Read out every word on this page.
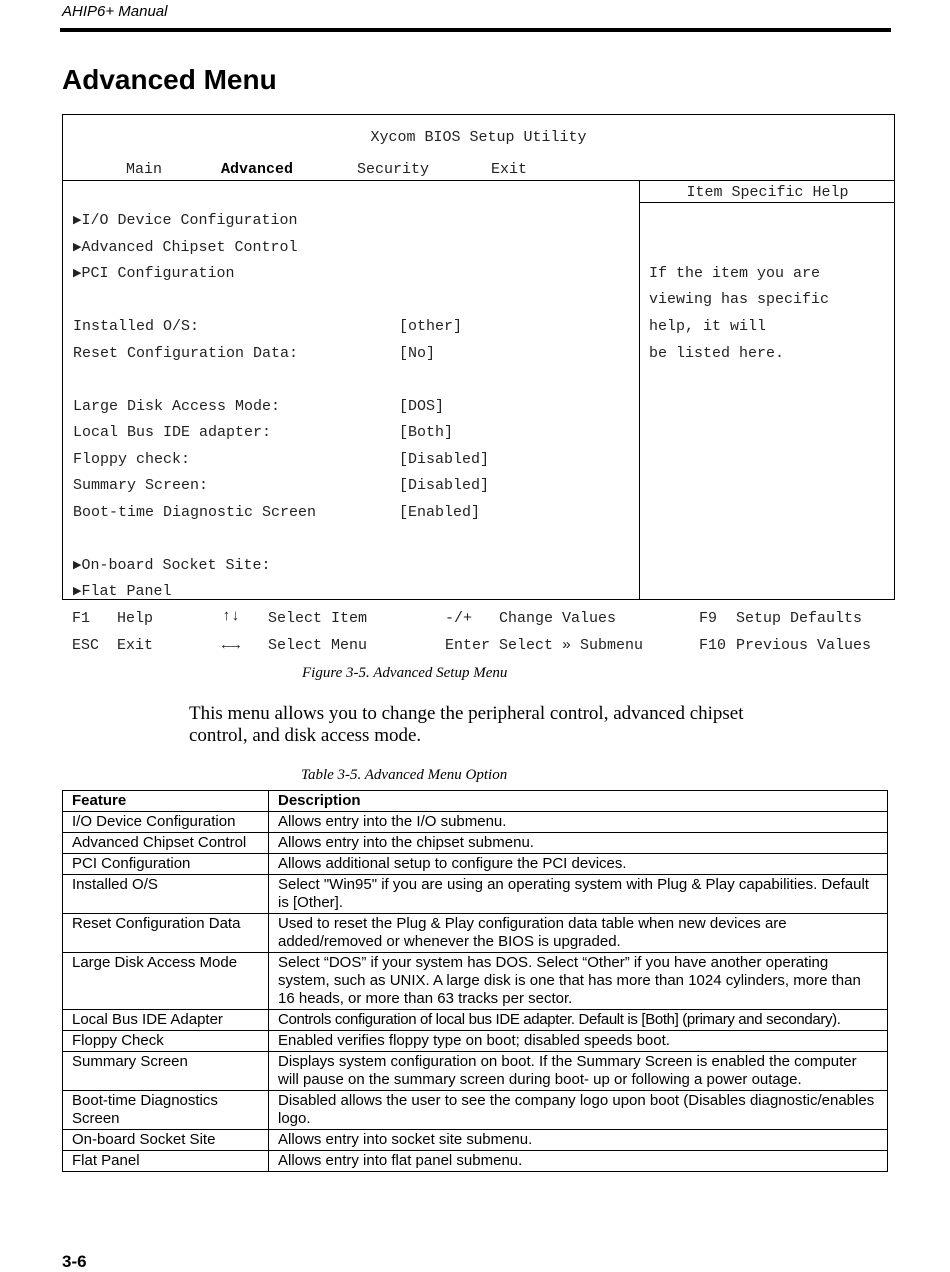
AHIP6+ Manual
Advanced Menu
Xycom BIOS Setup Utility
Main	Advanced	Security	Exit
Item Specific Help
If the item you are
viewing has specific
help, it will
be listed here.
▶I/O Device Configuration
▶Advanced Chipset Control
▶PCI Configuration
Installed O/S:	[other]
Reset Configuration Data:	[No]
Large Disk Access Mode:	[DOS]
Local Bus IDE adapter:	[Both]
Floppy check:	[Disabled]
Summary Screen:	[Disabled]
Boot-time Diagnostic Screen	[Enabled]
▶On-board Socket Site:
▶Flat Panel
F1 Help	↑↓ Select Item	-/+ Change Values	F9 Setup Defaults
ESC Exit	←→ Select Menu	Enter Select » Submenu	F10 Previous Values
Figure 3-5. Advanced Setup Menu

This menu allows you to change the peripheral control, advanced chipset control, and disk access mode.

Table 3-5. Advanced Menu Option
Feature	Description
I/O Device Configuration	Allows entry into the I/O submenu.
Advanced Chipset Control	Allows entry into the chipset submenu.
PCI Configuration	Allows additional setup to configure the PCI devices.
Installed O/S	Select "Win95" if you are using an operating system with Plug & Play capabilities. Default is [Other].
Reset Configuration Data	Used to reset the Plug & Play configuration data table when new devices are added/removed or whenever the BIOS is upgraded.
Large Disk Access Mode	Select “DOS” if your system has DOS. Select “Other” if you have another operating system, such as UNIX. A large disk is one that has more than 1024 cylinders, more than 16 heads, or more than 63 tracks per sector.
Local Bus IDE Adapter	Controls configuration of local bus IDE adapter. Default is [Both] (primary and secondary).
Floppy Check	Enabled verifies floppy type on boot; disabled speeds boot.
Summary Screen	Displays system configuration on boot. If the Summary Screen is enabled the computer will pause on the summary screen during boot- up or following a power outage.
Boot-time Diagnostics Screen	Disabled allows the user to see the company logo upon boot (Disables diagnostic/enables logo.
On-board Socket Site	Allows entry into socket site submenu.
Flat Panel	Allows entry into flat panel submenu.
3-6
